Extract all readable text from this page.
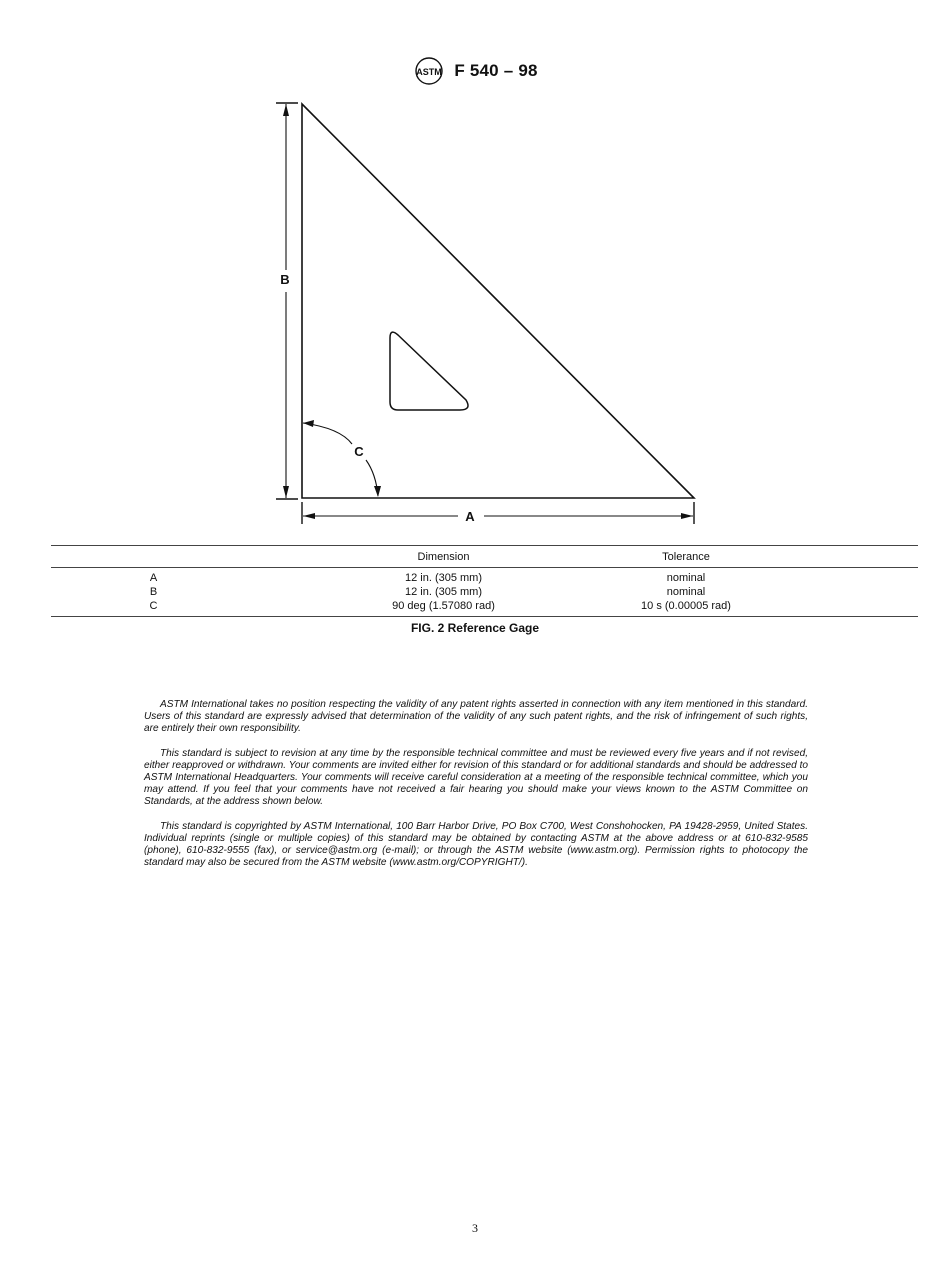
ASTM F 540 – 98
B
A
C
	Dimension	Tolerance	
A	12 in. (305 mm)	nominal	
B	12 in. (305 mm)	nominal	
C	90 deg (1.57080 rad)	10 s (0.00005 rad)	
FIG. 2 Reference Gage

ASTM International takes no position respecting the validity of any patent rights asserted in connection with any item mentioned in this standard. Users of this standard are expressly advised that determination of the validity of any such patent rights, and the risk of infringement of such rights, are entirely their own responsibility.

This standard is subject to revision at any time by the responsible technical committee and must be reviewed every five years and if not revised, either reapproved or withdrawn. Your comments are invited either for revision of this standard or for additional standards and should be addressed to ASTM International Headquarters. Your comments will receive careful consideration at a meeting of the responsible technical committee, which you may attend. If you feel that your comments have not received a fair hearing you should make your views known to the ASTM Committee on Standards, at the address shown below.

This standard is copyrighted by ASTM International, 100 Barr Harbor Drive, PO Box C700, West Conshohocken, PA 19428-2959, United States. Individual reprints (single or multiple copies) of this standard may be obtained by contacting ASTM at the above address or at 610-832-9585 (phone), 610-832-9555 (fax), or service@astm.org (e-mail); or through the ASTM website (www.astm.org). Permission rights to photocopy the standard may also be secured from the ASTM website (www.astm.org/COPYRIGHT/).

3
